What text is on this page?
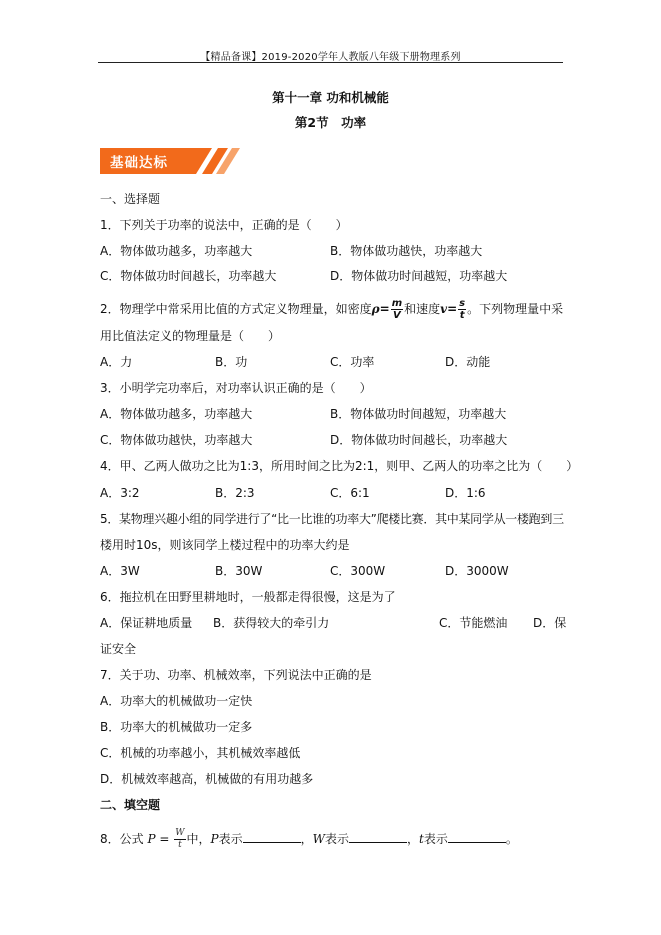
【精品备课】2019-2020学年人教版八年级下册物理系列
第十一章 功和机械能
第2节　功率
基础达标
一、选择题
1．下列关于功率的说法中，正确的是（　　）
A．物体做功越多，功率越大	B．物体做功越快，功率越大
C．物体做功时间越长，功率越大	D．物体做功时间越短，功率越大
2．物理学中常采用比值的方式定义物理量，如密度$\rho= \frac{m}{V}$ 和速度$v= \frac{s}{t}$ 。下列物理量中采
用比值法定义的物理量是（　　）
A．力	B．功	C．功率	D．动能
3．小明学完功率后，对功率认识正确的是（　　）
A．物体做功越多，功率越大	B．物体做功时间越短，功率越大
C．物体做功越快，功率越大	D．物体做功时间越长，功率越大
4．甲、乙两人做功之比为1:3，所用时间之比为2:1，则甲、乙两人的功率之比为（　　）
A．3:2	B．2:3	C．6:1	D．1:6
5．某物理兴趣小组的同学进行了“比一比谁的功率大”爬楼比赛．其中某同学从一楼跑到三
楼用时10s，则该同学上楼过程中的功率大约是
A．3W	B．30W	C．300W	D．3000W
6．拖拉机在田野里耕地时，一般都走得很慢，这是为了
A．保证耕地质量 B．获得较大的牵引力	C．节能燃油 D．保
证安全
7．关于功、功率、机械效率，下列说法中正确的是
A．功率大的机械做功一定快
B．功率大的机械做功一定多
C．机械的功率越小，其机械效率越低
D．机械效率越高，机械做的有用功越多
二、填空题
8．公式 $P = \frac{W}{t}$ 中，P表示	，W表示	，t表示	。
